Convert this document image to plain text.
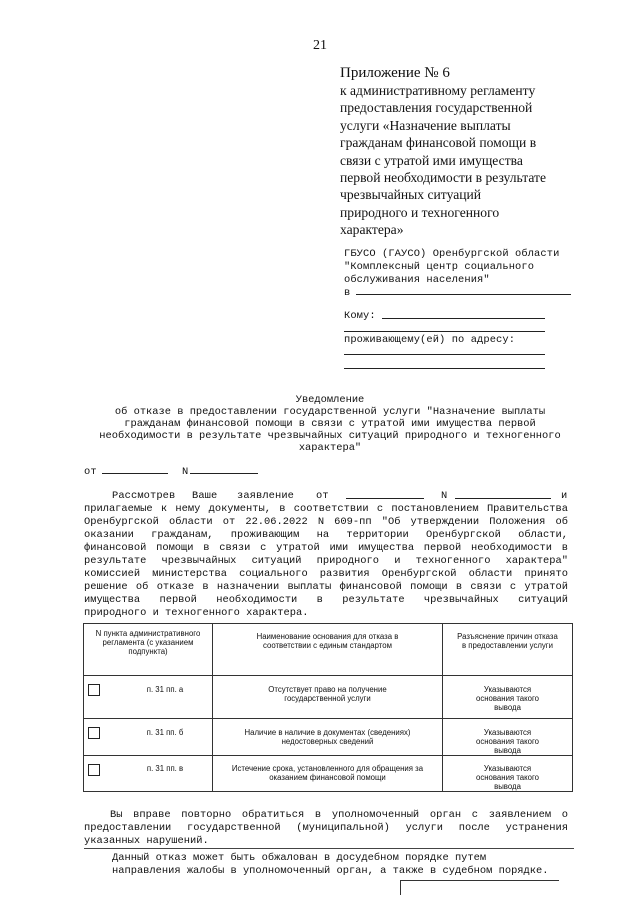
21
Приложение № 6
к административному регламенту
предоставления государственной
услуги «Назначение выплаты
гражданам финансовой помощи в
связи с утратой ими имущества
первой необходимости в результате
чрезвычайных ситуаций
природного и техногенного
характера»
ГБУСО (ГАУСО) Оренбургской области
"Комплексный центр социального
обслуживания населения"
в
Кому:
проживающему(ей) по адресу:
Уведомление
об отказе в предоставлении государственной услуги "Назначение выплаты
гражданам финансовой помощи в связи с утратой ими имущества первой
необходимости в результате чрезвычайных ситуаций природного и техногенного
характера"
от	N
Рассмотрев Ваше заявление от	N	и
прилагаемые к нему документы, в соответствии с постановлением Правительства
Оренбургской области от 22.06.2022 N 609-пп "Об утверждении Положения об
оказании гражданам, проживающим на территории Оренбургской области,
финансовой помощи в связи с утратой ими имущества первой необходимости в
результате чрезвычайных ситуаций природного и техногенного характера"
комиссией министерства социального развития Оренбургской области принято
решение об отказе в назначении выплаты финансовой помощи в связи с утратой
имущества первой необходимости в результате чрезвычайных ситуаций
природного и техногенного характера.
N пункта административного регламента (с указанием подпункта)	Наименование основания для отказа в соответствии с единым стандартом	Разъяснение причин отказа в предоставлении услуги

п. 31 пп. а	Отсутствует право на получение государственной услуги	Указываются основания такого вывода

п. 31 пп. б	Наличие в наличие в документах (сведениях) недостоверных сведений	Указываются основания такого вывода

п. 31 пп. в	Истечение срока, установленного для обращения за оказанием финансовой помощи	Указываются основания такого вывода
Вы вправе повторно обратиться в уполномоченный орган с заявлением о
предоставлении государственной (муниципальной) услуги после устранения
указанных нарушений.
Данный отказ может быть обжалован в досудебном порядке путем
направления жалобы в уполномоченный орган, а также в судебном порядке.
